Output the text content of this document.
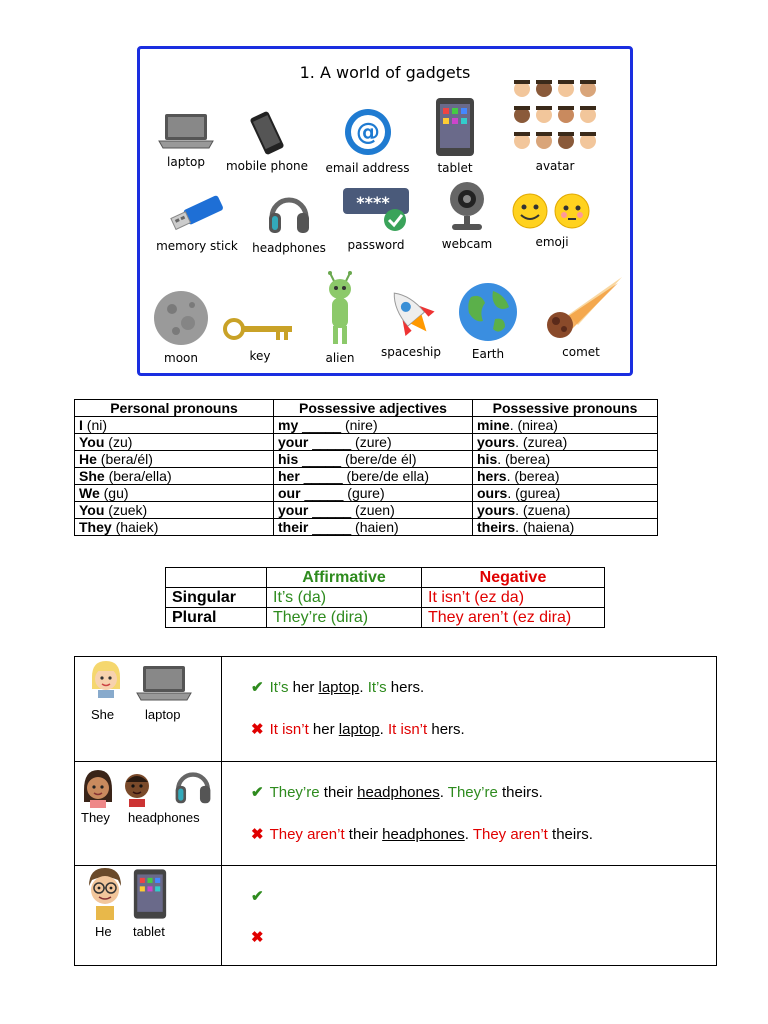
1. A world of gadgets
laptop	mobile phone
@
email address	tablet	avatar
memory stick	headphones
****
password	webcam	emoji
moon	key	alien	spaceship	Earth	comet
Personal pronouns	Possessive adjectives	Possessive pronouns
I (ni)	my _____ (nire)	mine. (nirea)
You (zu)	your _____ (zure)	yours. (zurea)
He (bera/él)	his _____ (bere/de él)	his. (berea)
She (bera/ella)	her _____ (bere/de ella)	hers. (berea)
We (gu)	our _____ (gure)	ours. (gurea)
You (zuek)	your _____ (zuen)	yours. (zuena)
They (haiek)	their _____ (haien)	theirs. (haiena)
	Affirmative	Negative
Singular	It’s (da)	It isn’t (ez da)
Plural	They’re (dira)	They aren’t (ez dira)
She laptop
✔ It’s her laptop. It’s hers.
✖ It isn’t her laptop. It isn’t hers.
They headphones
✔ They’re their headphones. They’re theirs.
✖ They aren’t their headphones. They aren’t theirs.
He tablet
✔
✖
